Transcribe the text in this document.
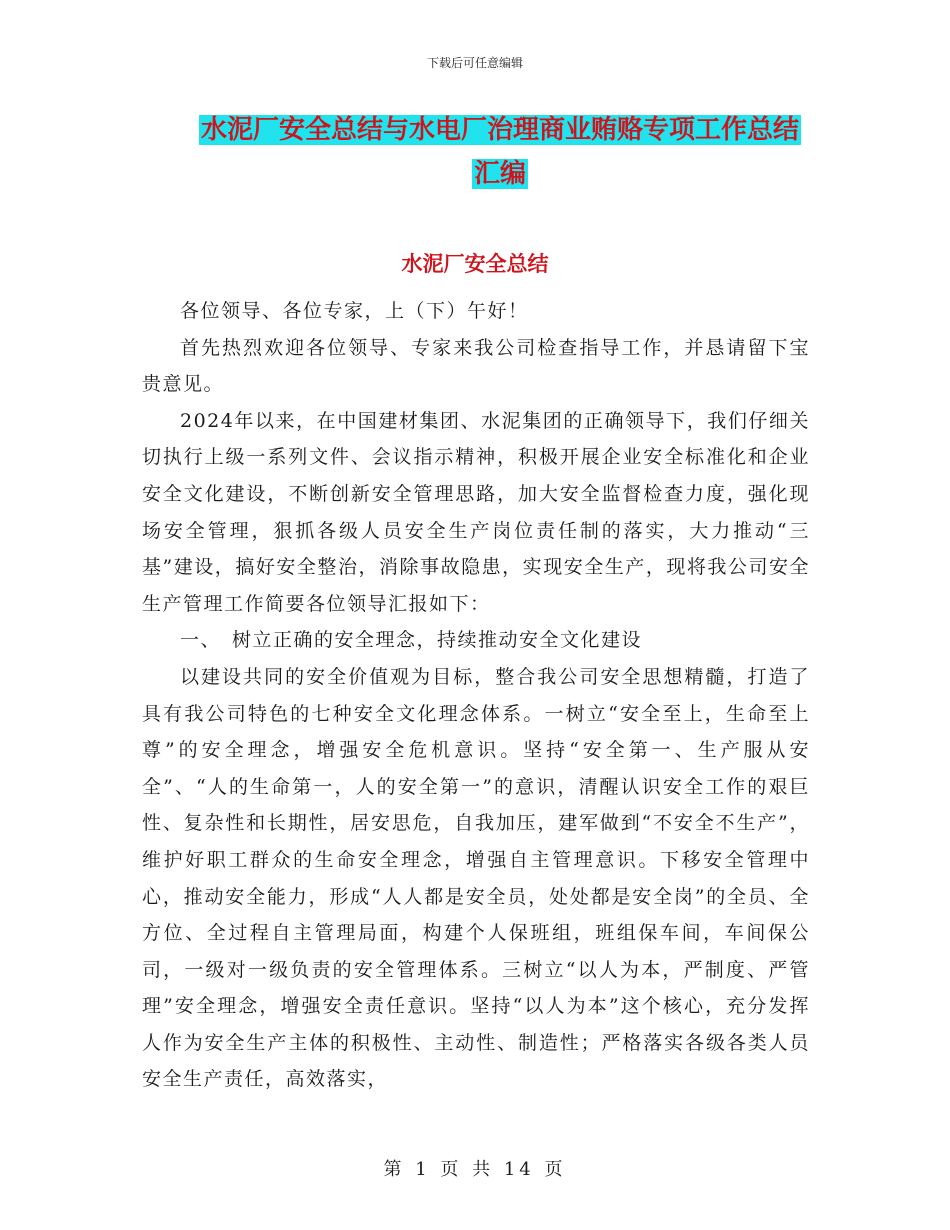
下载后可任意编辑
水泥厂安全总结与水电厂治理商业贿赂专项工作总结
汇编
水泥厂安全总结

各位领导、各位专家，上（下）午好！

首先热烈欢迎各位领导、专家来我公司检查指导工作，并恳请留下宝贵意见。

2024年以来，在中国建材集团、水泥集团的正确领导下，我们仔细关切执行上级一系列文件、会议指示精神，积极开展企业安全标准化和企业安全文化建设，不断创新安全管理思路，加大安全监督检查力度，强化现场安全管理，狠抓各级人员安全生产岗位责任制的落实，大力推动“三基”建设，搞好安全整治，消除事故隐患，实现安全生产，现将我公司安全生产管理工作简要各位领导汇报如下：

一、　树立正确的安全理念，持续推动安全文化建设

以建设共同的安全价值观为目标，整合我公司安全思想精髓，打造了具有我公司特色的七种安全文化理念体系。一树立“安全至上，生命至上尊”的安全理念，增强安全危机意识。坚持“安全第一、生产服从安全”、“人的生命第一，人的安全第一”的意识，清醒认识安全工作的艰巨性、复杂性和长期性，居安思危，自我加压，建军做到“不安全不生产”，维护好职工群众的生命安全理念，增强自主管理意识。下移安全管理中心，推动安全能力，形成“人人都是安全员，处处都是安全岗”的全员、全方位、全过程自主管理局面，构建个人保班组，班组保车间，车间保公司，一级对一级负责的安全管理体系。三树立“以人为本，严制度、严管理”安全理念，增强安全责任意识。坚持“以人为本”这个核心，充分发挥人作为安全生产主体的积极性、主动性、制造性；严格落实各级各类人员安全生产责任，高效落实，

第 1 页 共 14 页
